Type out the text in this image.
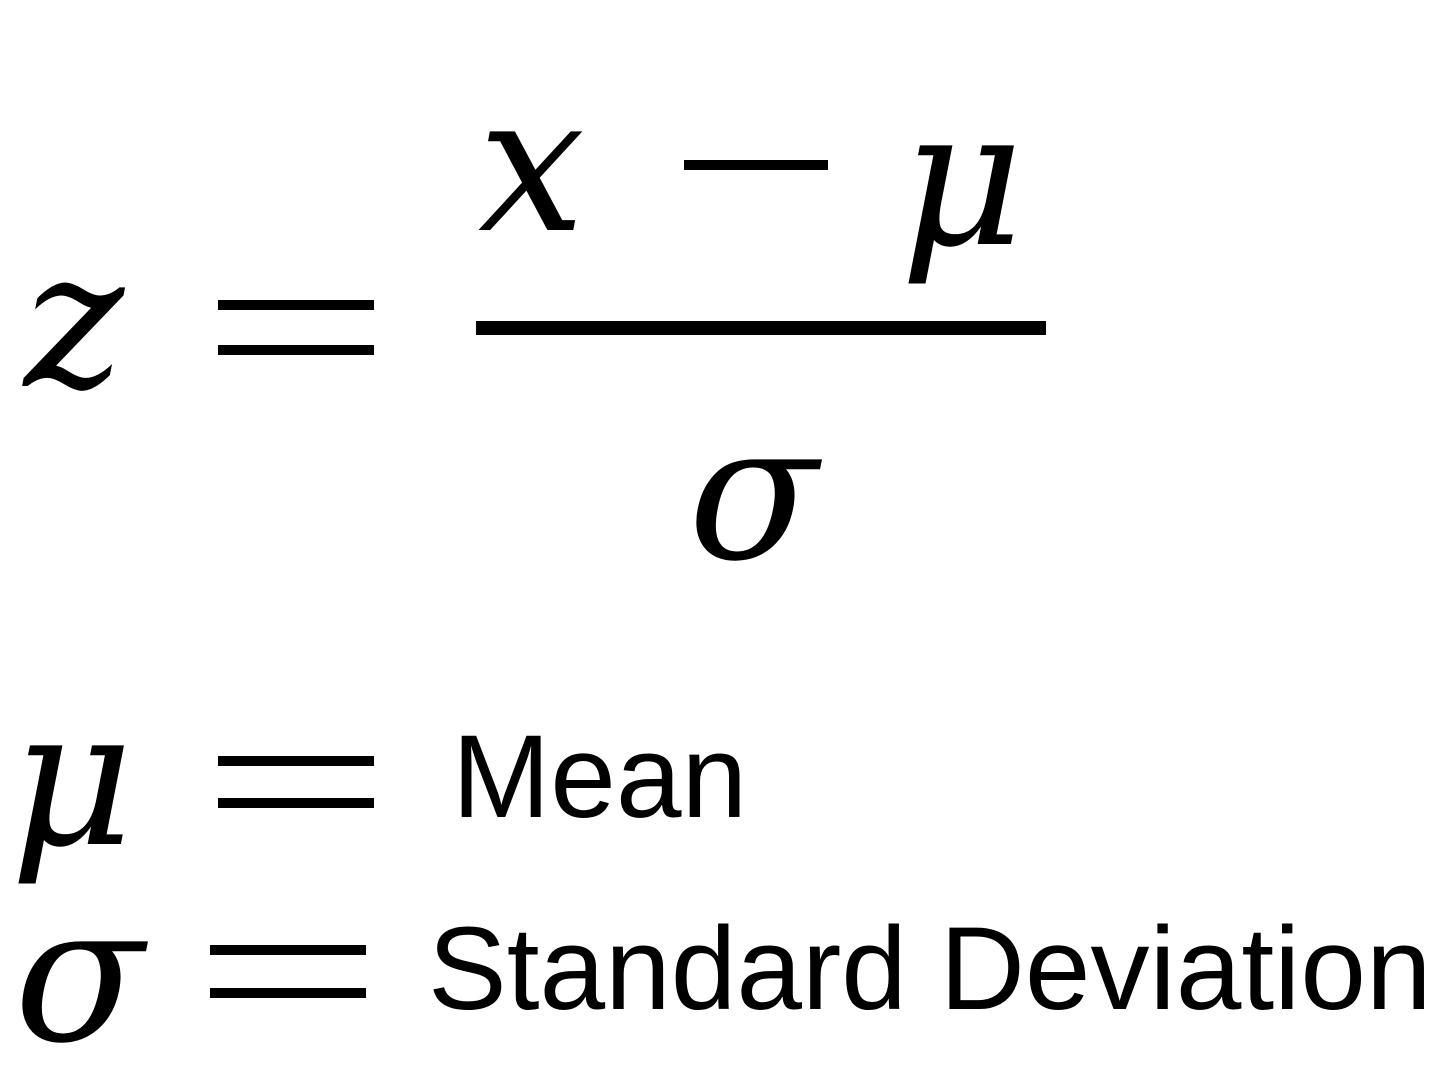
z
x μ
σ
μ	Mean
σ Standard Deviation
